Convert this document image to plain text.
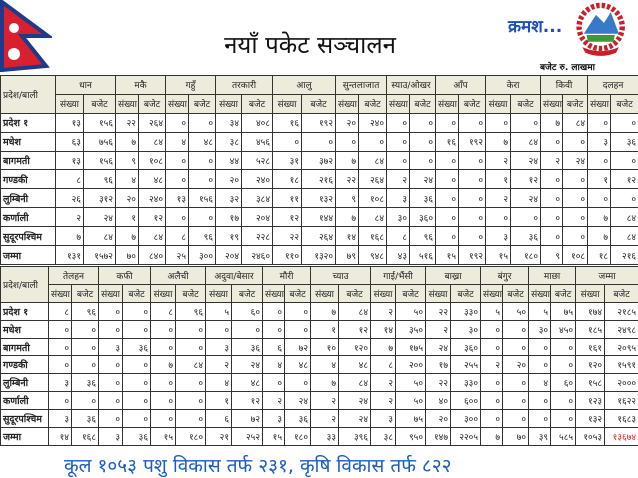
नयाँ पकेट सञ्चालन
क्रमश...
बजेट रु. लाखमा
प्रदेश/बाली	धान		मकै		गहुँ		तरकारी		आलु		सुन्तलाजात		स्याउ/ओखर		आँप		केरा		किवी		दलहन	
	संख्या	बजेट	संख्या	बजेट	संख्या	बजेट	संख्या	बजेट	संख्या	बजेट	संख्या	बजेट	संख्या	बजेट	संख्या	बजेट	संख्या	बजेट	संख्या	बजेट	संख्या	बजेट
प्रदेश १	१३	१५६	२२	२६४	०	०	३४	४०८	१६	१९२	२०	२४०	०	०	०	०	०	०	७	८४	०	०
मधेश	६३	७५६	७	८४	४	४८	३८	४५६	०	०	०	०	०	०	१६	१९२	७	८४	०	०	३	३६
बागमती	१३	१५६	९	१०८	०	०	४४	५२८	३१	३७२	७	८४	०	०	०	०	२	२४	२	२४	०	०
गण्डकी	८	९६	४	४८	०	०	२०	२४०	१८	२१६	२२	२६४	२	२४	०	०	१	१२	०	०	१	१२
लुम्बिनी	२६	३१२	२०	२४०	१३	१५६	३२	३८४	११	१३२	९	१०८	३	३६	०	०	२	२४	०	०	०	०
कर्णाली	२	२४	१	१२	०	०	१७	२०४	१२	१४४	७	८४	३०	३६०	०	०	०	०	०	०	७	८४
सुदूरपश्चिम	७	८४	७	८४	८	९६	१९	२२८	२२	२६४	१४	१६८	८	९६	०	०	३	३६	०	०	७	८४
जम्मा	१३१	१५७२	७०	८४०	२५	३००	२०४	२४६०	११०	१३२०	७९	९४८	४३	५१६	१५	१९२	१५	१८०	९	१०८	१८	२१६
प्रदेश/बाली	तेलहन		कफी		अलैची		अदुवा/बेसार		मौरी		च्याउ		गाई/भैंसी		बाख्रा		बंगुर		माछा		जम्मा	
	संख्या	बजेट	संख्या	बजेट	संख्या	बजेट	संख्या	बजेट	संख्या	बजेट	संख्या	बजेट	संख्या	बजेट	संख्या	बजेट	संख्या	बजेट	संख्या	बजेट	संख्या	बजेट
प्रदेश १	८	९६	०	०	८	९६	५	६०	०	०	७	८४	२	५०	२२	३३०	५	५०	५	७५	१७४	२१८५
मधेश	०	०	०	०	०	०	०	०	०	०	१	१२	१४	३५०	२	३०	०	०	३०	४५०	१८५	२४९८
बागमती	०	०	३	३६	०	०	३	३६	६	७२	१०	१२०	७	१७५	२४	३६०	०	०	०	०	१६१	२०९५
गण्डकी	०	०	०	०	७	८४	२	२४	४	४८	४	४८	८	२००	१७	२५५	२	२०	०	०	१२०	१५९१
लुम्बिनी	३	३६	०	०	०	०	४	४८	०	०	७	८४	२	५०	२२	३३०	०	०	४	६०	१५८	२०००
कर्णाली	०	०	०	०	०	०	१	१२	२	२४	२	२४	२	५०	४०	६००	०	०	०	०	१२३	१६२२
सुदूरपश्चिम	३	३६	०	०	०	०	६	७२	३	३६	२	२४	३	७५	२०	३००	०	०	०	०	१३२	१६८३
जम्मा	१४	१६८	३	३६	१५	१८०	२१	२५२	१५	१८०	३३	३९६	३८	९५०	१४७	२२०५	७	७०	३९	५८५	१०५३	१३६७४
कूल १०५३ पशु विकास तर्फ २३१, कृषि विकास तर्फ ८२२
